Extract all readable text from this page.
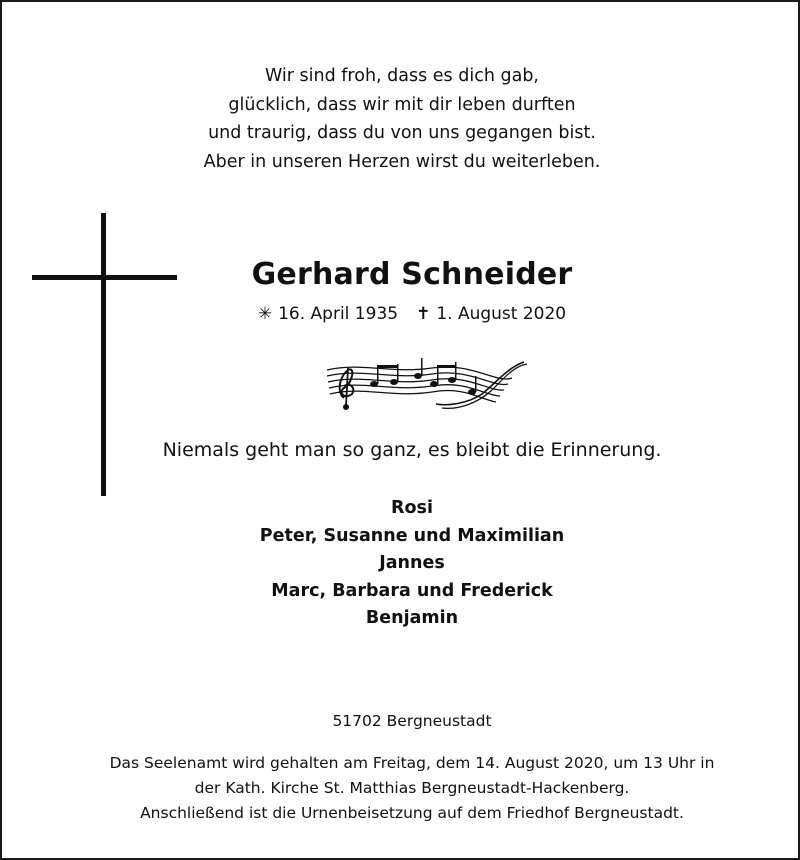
Wir sind froh, dass es dich gab,
glücklich, dass wir mit dir leben durften
und traurig, dass du von uns gegangen bist.
Aber in unseren Herzen wirst du weiterleben.
Gerhard Schneider
✳ 16. April 1935 ✝ 1. August 2020
Niemals geht man so ganz, es bleibt die Erinnerung.
Rosi
Peter, Susanne und Maximilian
Jannes
Marc, Barbara und Frederick
Benjamin
51702 Bergneustadt
Das Seelenamt wird gehalten am Freitag, dem 14. August 2020, um 13 Uhr in
der Kath. Kirche St. Matthias Bergneustadt-Hackenberg.
Anschließend ist die Urnenbeisetzung auf dem Friedhof Bergneustadt.
